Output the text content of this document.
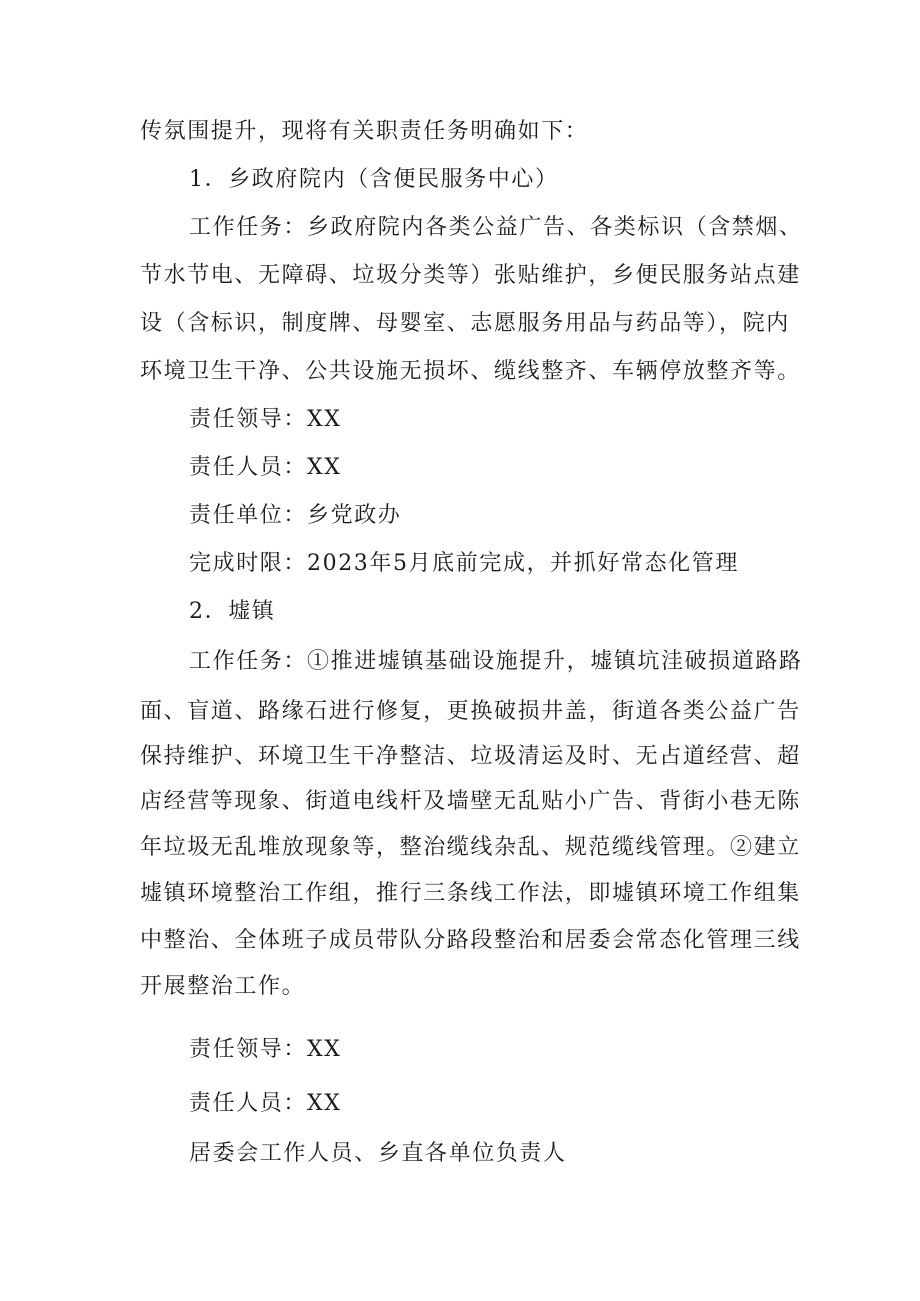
传氛围提升，现将有关职责任务明确如下：
1．乡政府院内（含便民服务中心）
工作任务：乡政府院内各类公益广告、各类标识（含禁烟、
节水节电、无障碍、垃圾分类等）张贴维护，乡便民服务站点建
设（含标识，制度牌、母婴室、志愿服务用品与药品等），院内
环境卫生干净、公共设施无损坏、缆线整齐、车辆停放整齐等。
责任领导：XX
责任人员：XX
责任单位：乡党政办
完成时限：2023年5月底前完成，并抓好常态化管理
2．墟镇
工作任务：①推进墟镇基础设施提升，墟镇坑洼破损道路路
面、盲道、路缘石进行修复，更换破损井盖，街道各类公益广告
保持维护、环境卫生干净整洁、垃圾清运及时、无占道经营、超
店经营等现象、街道电线杆及墙壁无乱贴小广告、背街小巷无陈
年垃圾无乱堆放现象等，整治缆线杂乱、规范缆线管理。②建立
墟镇环境整治工作组，推行三条线工作法，即墟镇环境工作组集
中整治、全体班子成员带队分路段整治和居委会常态化管理三线
开展整治工作。
责任领导：XX
责任人员：XX
居委会工作人员、乡直各单位负责人
